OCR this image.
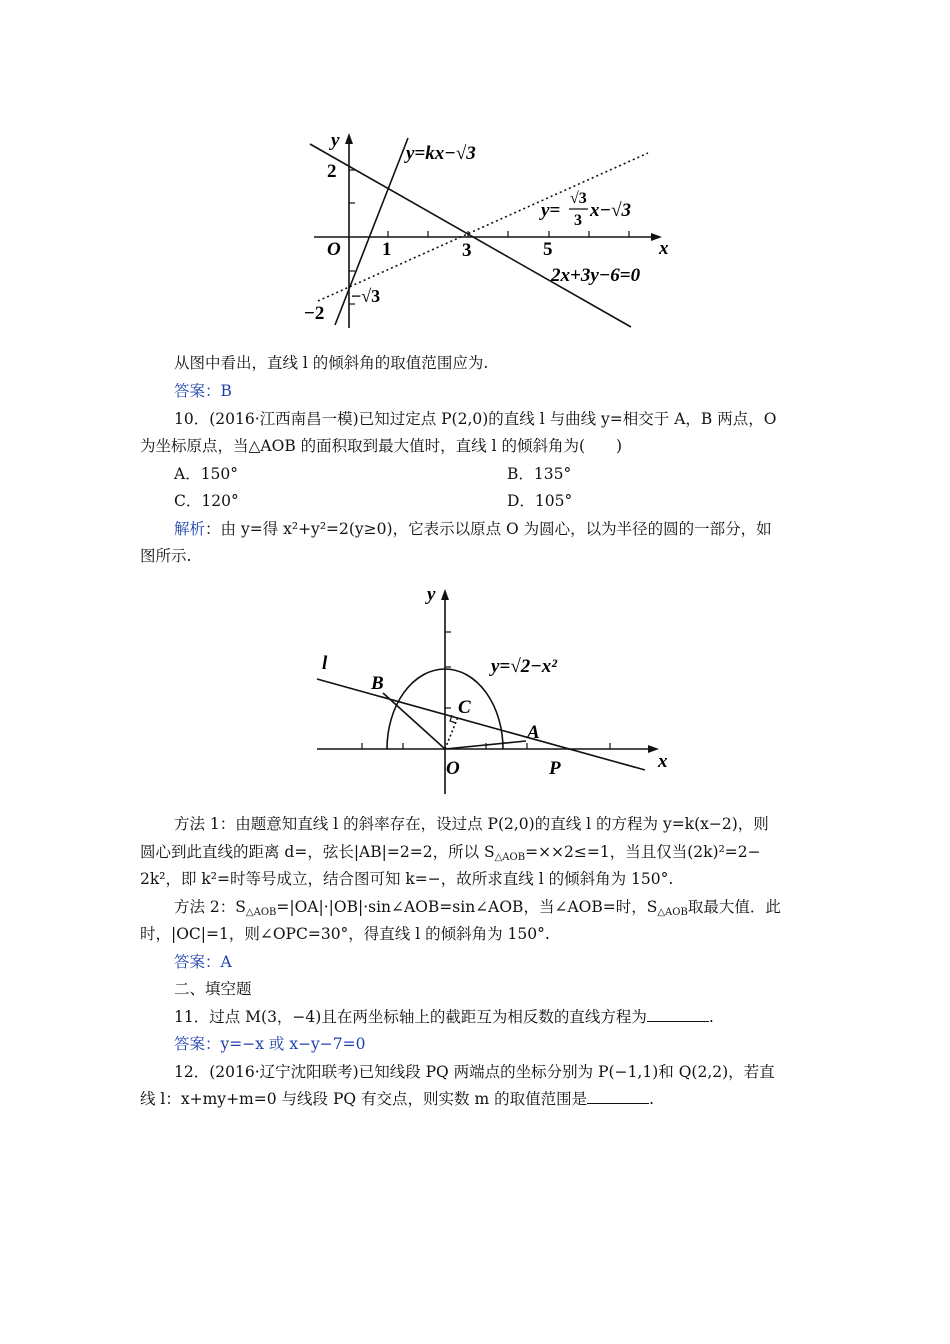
y
x
O 1	3	5
2
−2
−√3
y=kx−√3
y=
√3
3 x−√3
2x+3y−6=0
从图中看出，直线 l 的倾斜角的取值范围应为.
答案：B
10．(2016·江西南昌一模)已知过定点 P(2,0)的直线 l 与曲线 y=相交于 A，B 两点，O
为坐标原点，当△AOB 的面积取到最大值时，直线 l 的倾斜角为(　　)
A．150°	B．135°
C．120°	D．105°
解析：由 y=得 x²+y²=2(y≥0)，它表示以原点 O 为圆心，以为半径的圆的一部分，如
图所示.
y
x
l	y=√2−x²
B
C
A
O	P
方法 1：由题意知直线 l 的斜率存在，设过点 P(2,0)的直线 l 的方程为 y=k(x−2)，则
圆心到此直线的距离 d=，弦长|AB|=2=2，所以 S△AOB=××2≤=1，当且仅当(2k)²=2−
2k²，即 k²=时等号成立，结合图可知 k=−，故所求直线 l 的倾斜角为 150°.
方法 2：S△AOB=|OA|·|OB|·sin∠AOB=sin∠AOB，当∠AOB=时，S△AOB取最大值．此
时，|OC|=1，则∠OPC=30°，得直线 l 的倾斜角为 150°.
答案：A
二、填空题
11．过点 M(3，−4)且在两坐标轴上的截距互为相反数的直线方程为	.
答案：y=−x 或 x−y−7=0
12．(2016·辽宁沈阳联考)已知线段 PQ 两端点的坐标分别为 P(−1,1)和 Q(2,2)，若直
线 l：x+my+m=0 与线段 PQ 有交点，则实数 m 的取值范围是	.
